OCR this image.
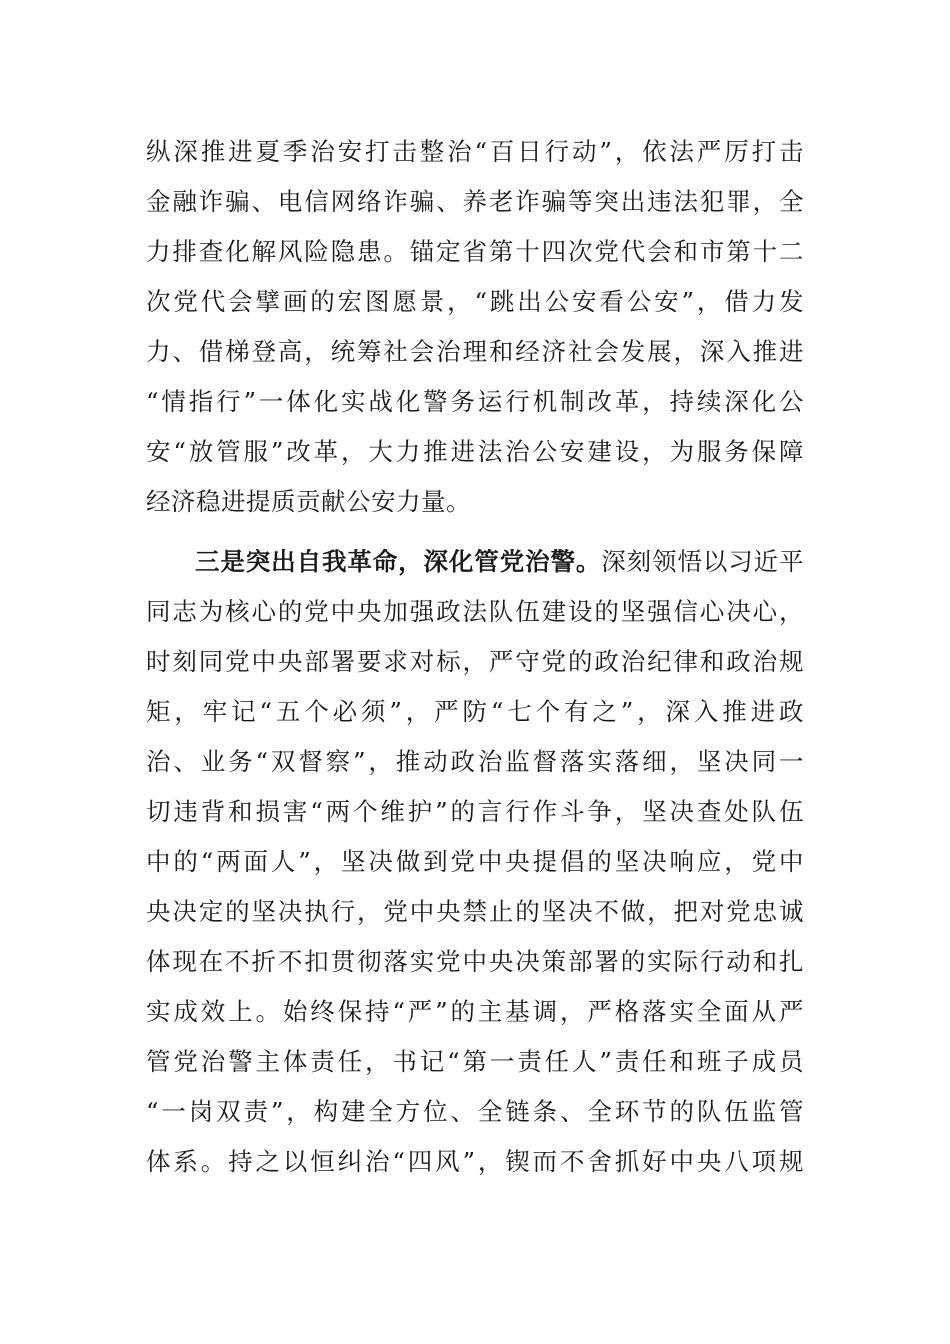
纵深推进夏季治安打击整治“百日行动”，依法严厉打击
金融诈骗、电信网络诈骗、养老诈骗等突出违法犯罪，全
力排查化解风险隐患。锚定省第十四次党代会和市第十二
次党代会擘画的宏图愿景，“跳出公安看公安”，借力发
力、借梯登高，统筹社会治理和经济社会发展，深入推进
“情指行”一体化实战化警务运行机制改革，持续深化公
安“放管服”改革，大力推进法治公安建设，为服务保障
经济稳进提质贡献公安力量。
三是突出自我革命，深化管党治警。深刻领悟以习近平
同志为核心的党中央加强政法队伍建设的坚强信心决心，
时刻同党中央部署要求对标，严守党的政治纪律和政治规
矩，牢记“五个必须”，严防“七个有之”，深入推进政
治、业务“双督察”，推动政治监督落实落细，坚决同一
切违背和损害“两个维护”的言行作斗争，坚决查处队伍
中的“两面人”，坚决做到党中央提倡的坚决响应，党中
央决定的坚决执行，党中央禁止的坚决不做，把对党忠诚
体现在不折不扣贯彻落实党中央决策部署的实际行动和扎
实成效上。始终保持“严”的主基调，严格落实全面从严
管党治警主体责任，书记“第一责任人”责任和班子成员
“一岗双责”，构建全方位、全链条、全环节的队伍监管
体系。持之以恒纠治“四风”，锲而不舍抓好中央八项规
